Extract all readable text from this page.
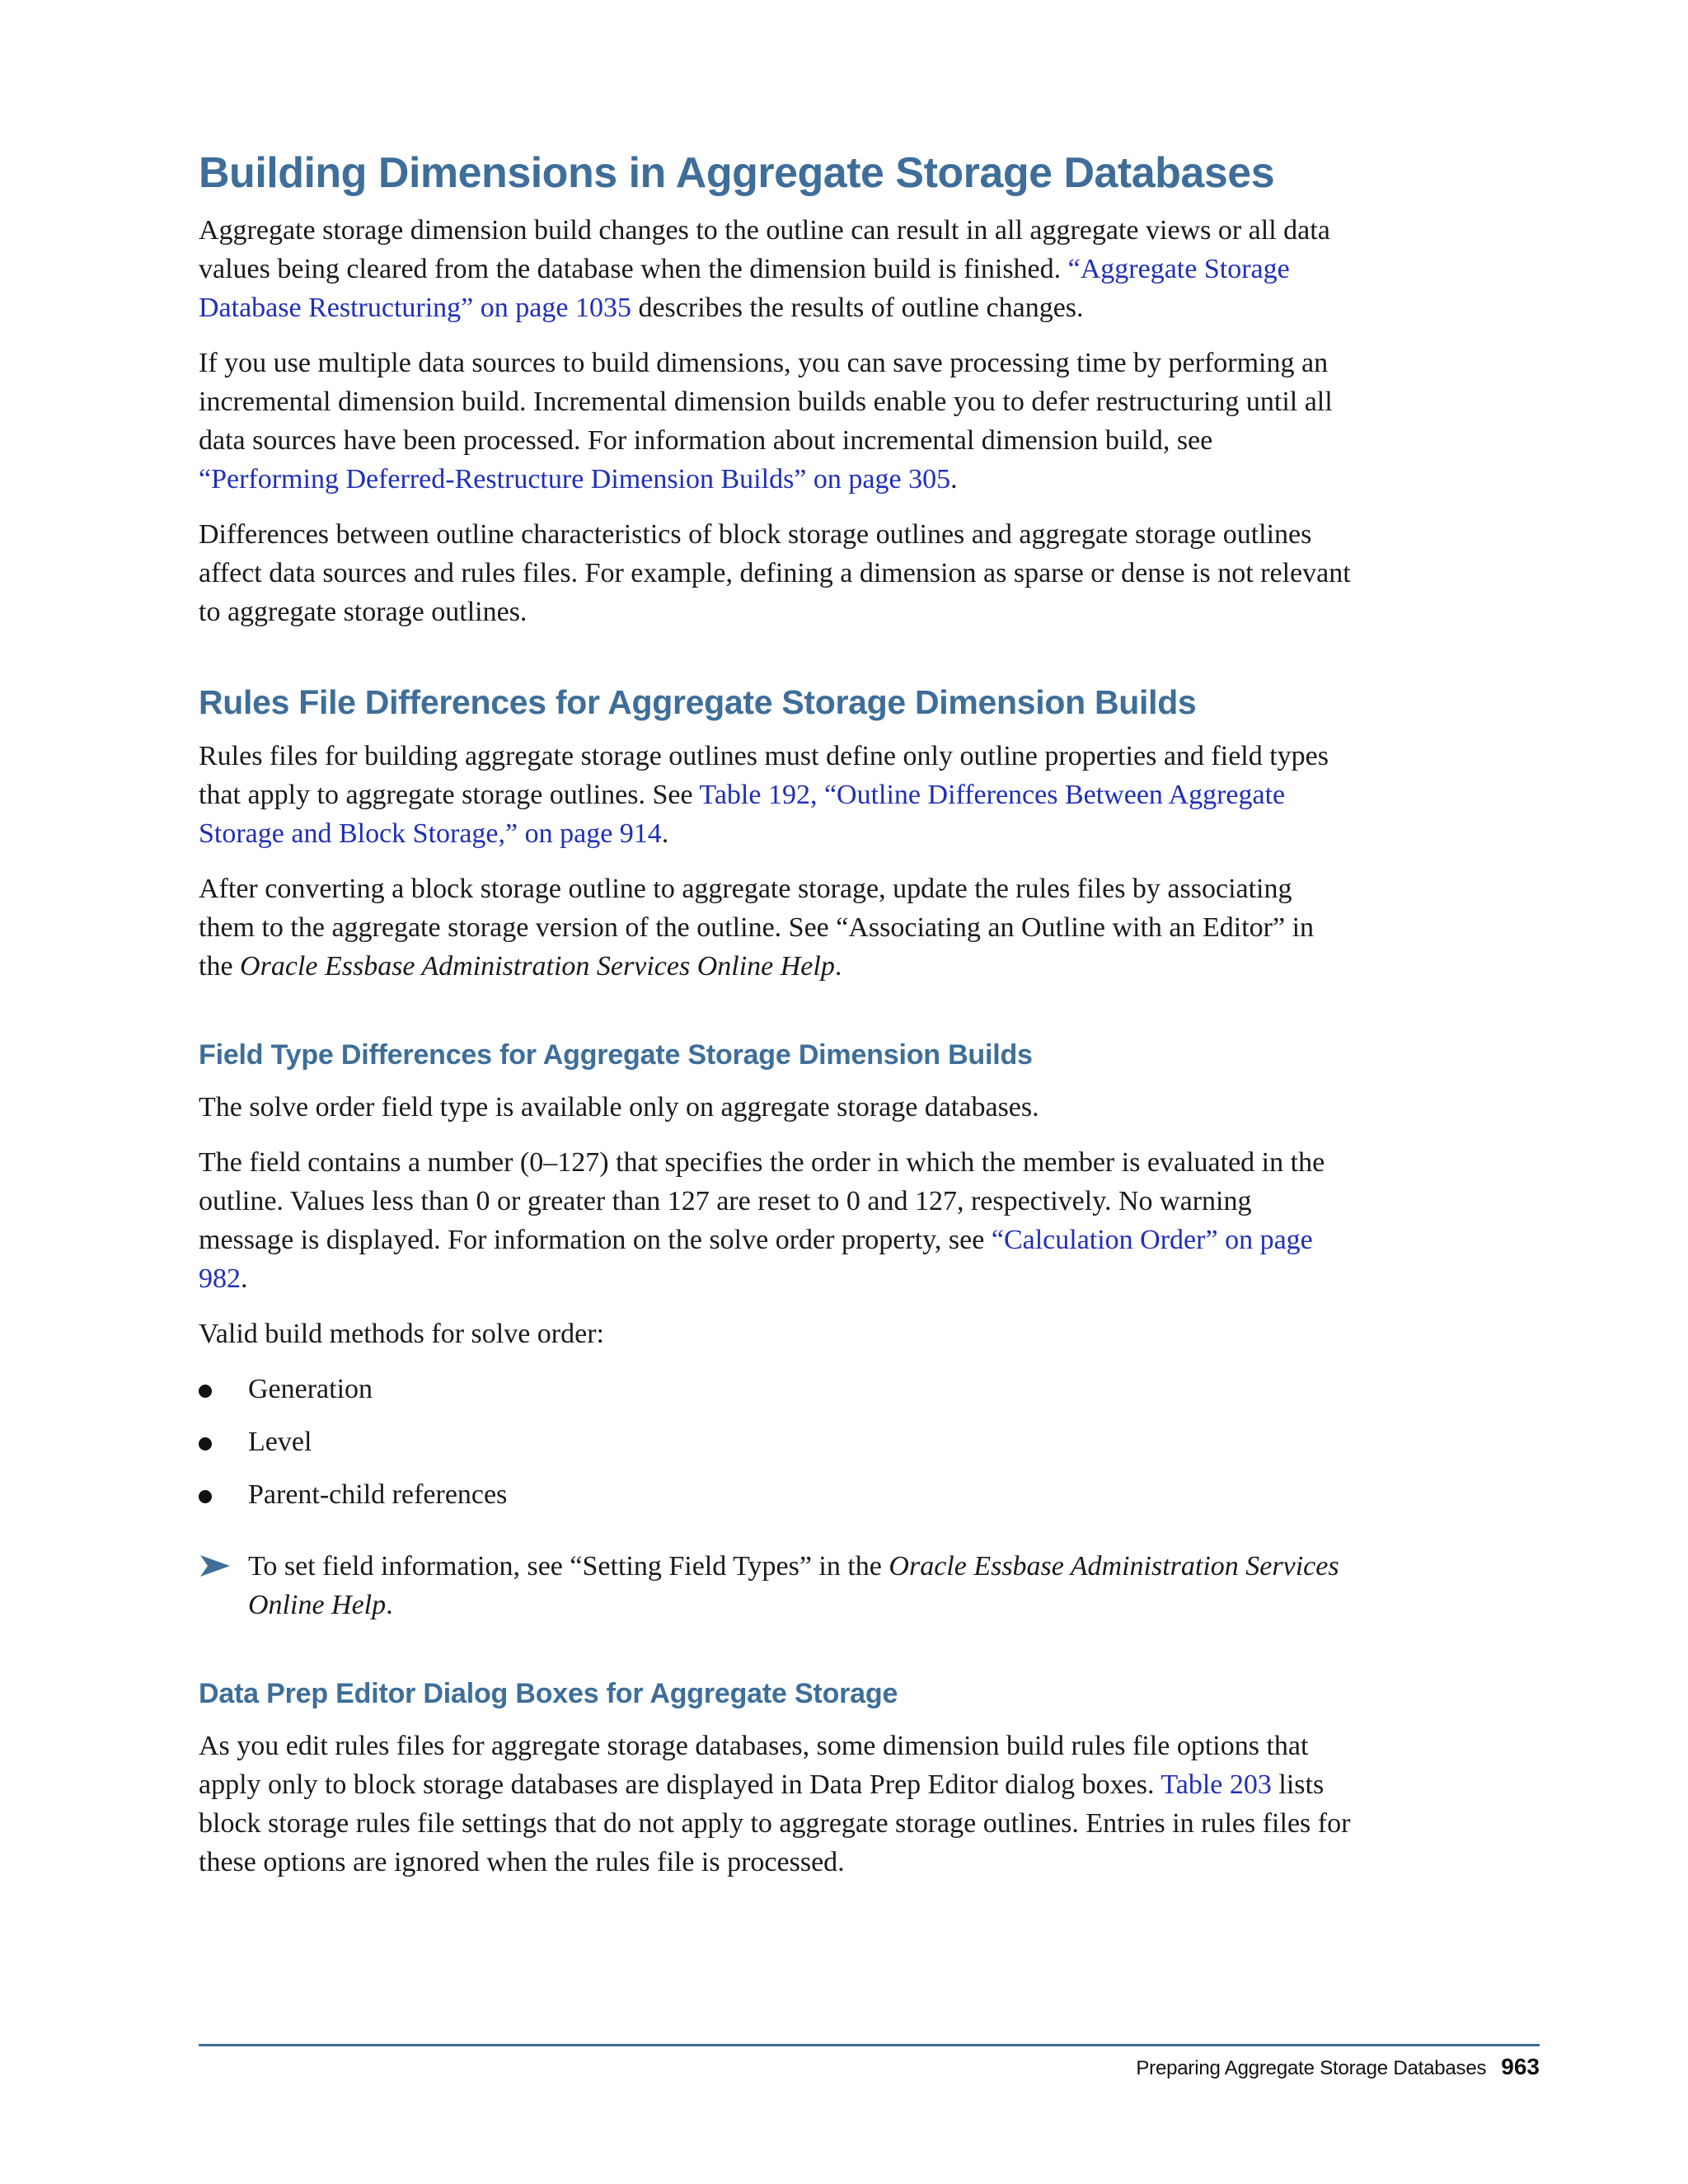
Building Dimensions in Aggregate Storage Databases

Aggregate storage dimension build changes to the outline can result in all aggregate views or all data values being cleared from the database when the dimension build is finished. “Aggregate Storage Database Restructuring” on page 1035 describes the results of outline changes.

If you use multiple data sources to build dimensions, you can save processing time by performing an incremental dimension build. Incremental dimension builds enable you to defer restructuring until all data sources have been processed. For information about incremental dimension build, see “Performing Deferred-Restructure Dimension Builds” on page 305.

Differences between outline characteristics of block storage outlines and aggregate storage outlines affect data sources and rules files. For example, defining a dimension as sparse or dense is not relevant to aggregate storage outlines.

Rules File Differences for Aggregate Storage Dimension Builds

Rules files for building aggregate storage outlines must define only outline properties and field types that apply to aggregate storage outlines. See Table 192, “Outline Differences Between Aggregate Storage and Block Storage,” on page 914.

After converting a block storage outline to aggregate storage, update the rules files by associating them to the aggregate storage version of the outline. See “Associating an Outline with an Editor” in the Oracle Essbase Administration Services Online Help.

Field Type Differences for Aggregate Storage Dimension Builds

The solve order field type is available only on aggregate storage databases.

The field contains a number (0–127) that specifies the order in which the member is evaluated in the outline. Values less than 0 or greater than 127 are reset to 0 and 127, respectively. No warning message is displayed. For information on the solve order property, see “Calculation Order” on page 982.

Valid build methods for solve order:

Generation
Level
Parent-child references

To set field information, see “Setting Field Types” in the Oracle Essbase Administration Services Online Help.

Data Prep Editor Dialog Boxes for Aggregate Storage

As you edit rules files for aggregate storage databases, some dimension build rules file options that apply only to block storage databases are displayed in Data Prep Editor dialog boxes. Table 203 lists block storage rules file settings that do not apply to aggregate storage outlines. Entries in rules files for these options are ignored when the rules file is processed.

Preparing Aggregate Storage Databases 963
